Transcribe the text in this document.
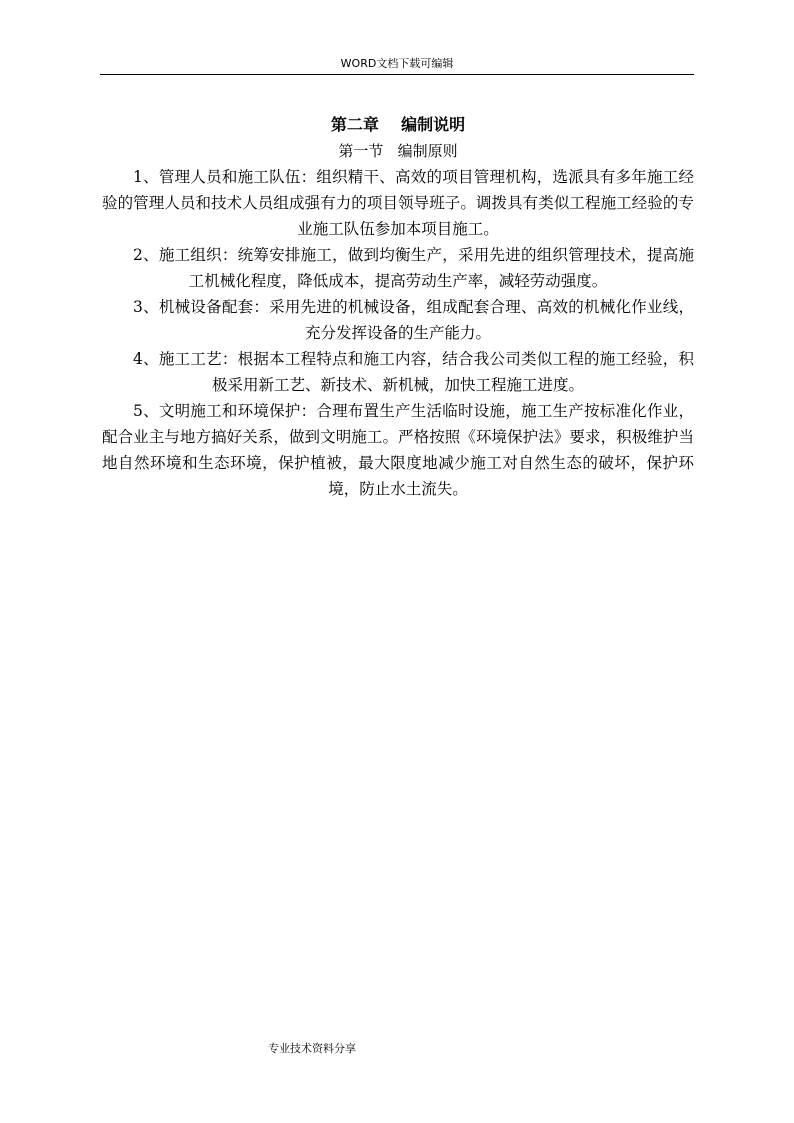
WORD文档下载可编辑
第二章    编制说明
第一节   编制原则

1、管理人员和施工队伍：组织精干、高效的项目管理机构，选派具有多年施工经验的管理人员和技术人员组成强有力的项目领导班子。调拨具有类似工程施工经验的专业施工队伍参加本项目施工。

2、施工组织：统筹安排施工，做到均衡生产，采用先进的组织管理技术，提高施工机械化程度，降低成本，提高劳动生产率，减轻劳动强度。

3、机械设备配套：采用先进的机械设备，组成配套合理、高效的机械化作业线，充分发挥设备的生产能力。

4、施工工艺：根据本工程特点和施工内容，结合我公司类似工程的施工经验，积极采用新工艺、新技术、新机械，加快工程施工进度。

5、文明施工和环境保护：合理布置生产生活临时设施，施工生产按标准化作业，配合业主与地方搞好关系，做到文明施工。严格按照《环境保护法》要求，积极维护当地自然环境和生态环境，保护植被，最大限度地减少施工对自然生态的破坏，保护环境，防止水土流失。

专业技术资料分享
